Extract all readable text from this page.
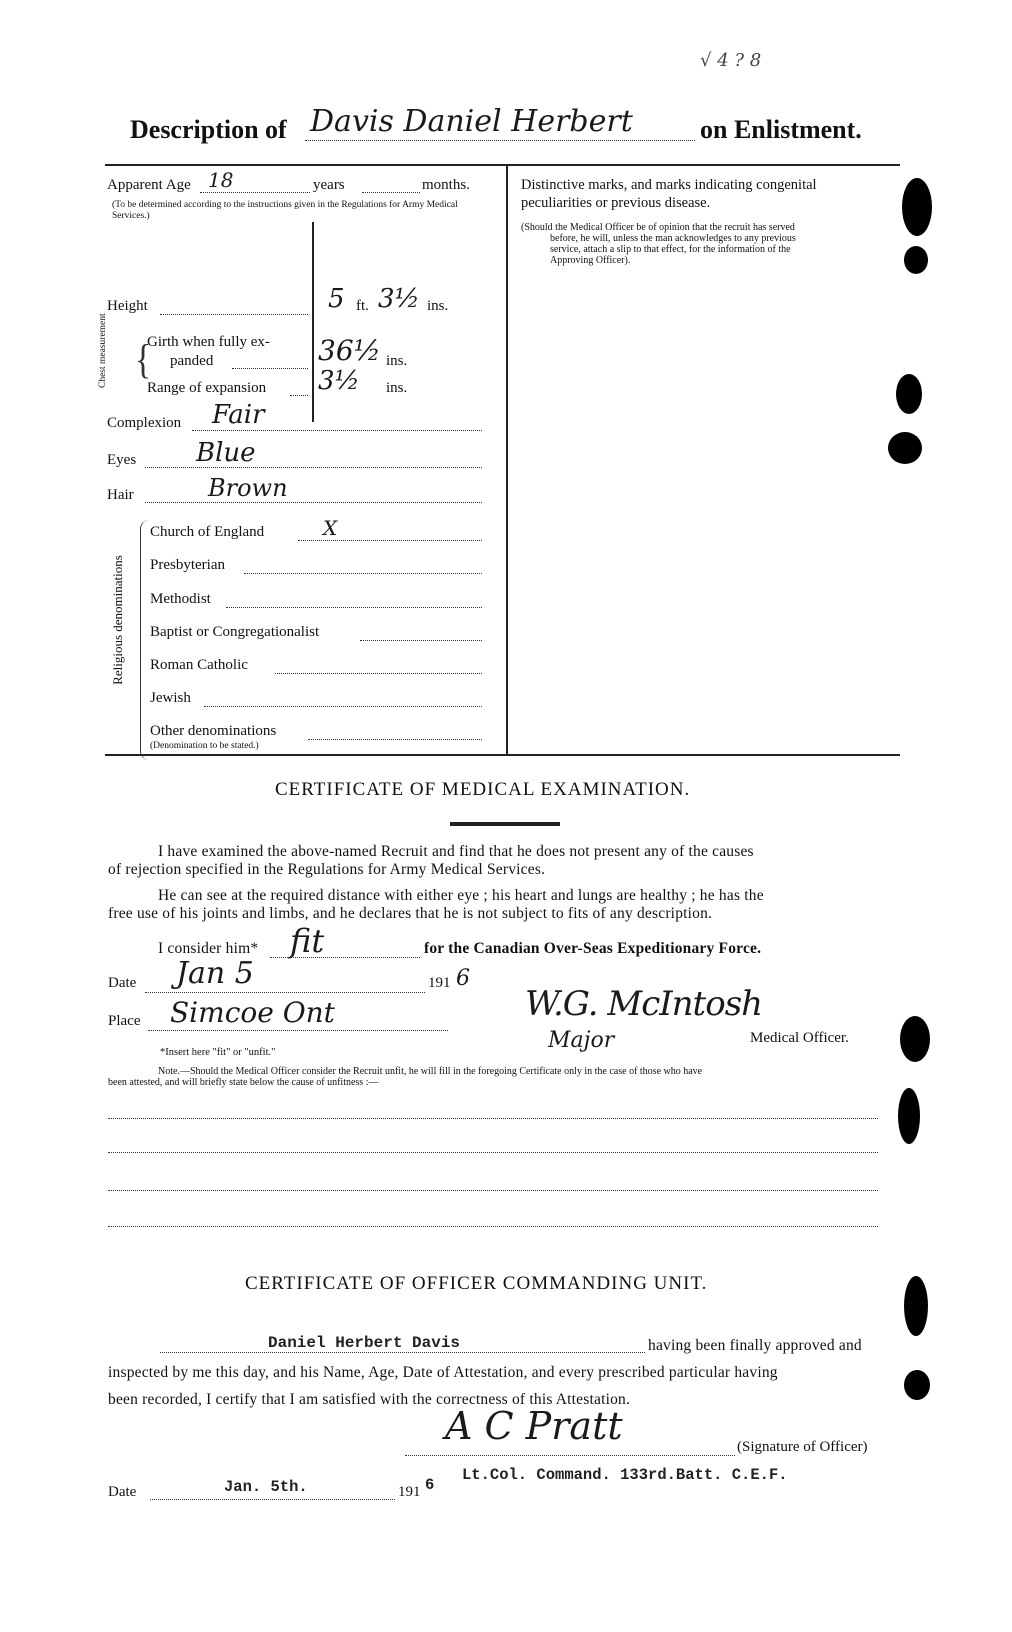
√ 4 ? 8
Description of Davis Daniel Herbert	on Enlistment.
Apparent Age 18	years	months.
(To be determined according to the instructions given in the Regulations for Army Medical Services.)
Height	5 ft. 3½ ins.
Chest measurement {
Girth when fully ex-
panded	36½ ins.
Range of expansion 3½ ins.
Complexion Fair
Eyes Blue
Hair	Brown
Religious denominations
Church of England	X
Presbyterian
Methodist
Baptist or Congregationalist
Roman Catholic
Jewish
Other denominations
(Denomination to be stated.)
Distinctive marks, and marks indicating congenital
peculiarities or previous disease.
(Should the Medical Officer be of opinion that the recruit has served
before, he will, unless the man acknowledges to any previous
service, attach a slip to that effect, for the information of the
Approving Officer).
CERTIFICATE OF MEDICAL EXAMINATION.
I have examined the above-named Recruit and find that he does not present any of the causes
of rejection specified in the Regulations for Army Medical Services.
He can see at the required distance with either eye ; his heart and lungs are healthy ; he has the
free use of his joints and limbs, and he declares that he is not subject to fits of any description.
I consider him* fit	for the Canadian Over-Seas Expeditionary Force.
Date Jan 5	191 6
Place Simcoe Ont	W.G. McIntosh
Major	Medical Officer.
*Insert here "fit" or "unfit."
Note.—Should the Medical Officer consider the Recruit unfit, he will fill in the foregoing Certificate only in the case of those who have
been attested, and will briefly state below the cause of unfitness :—
CERTIFICATE OF OFFICER COMMANDING UNIT.
Daniel Herbert Davis	having been finally approved and
inspected by me this day, and his Name, Age, Date of Attestation, and every prescribed particular having
been recorded, I certify that I am satisfied with the correctness of this Attestation.
A C Pratt	(Signature of Officer)
Lt.Col. Command. 133rd.Batt. C.E.F.
Date	Jan. 5th.	191 6
